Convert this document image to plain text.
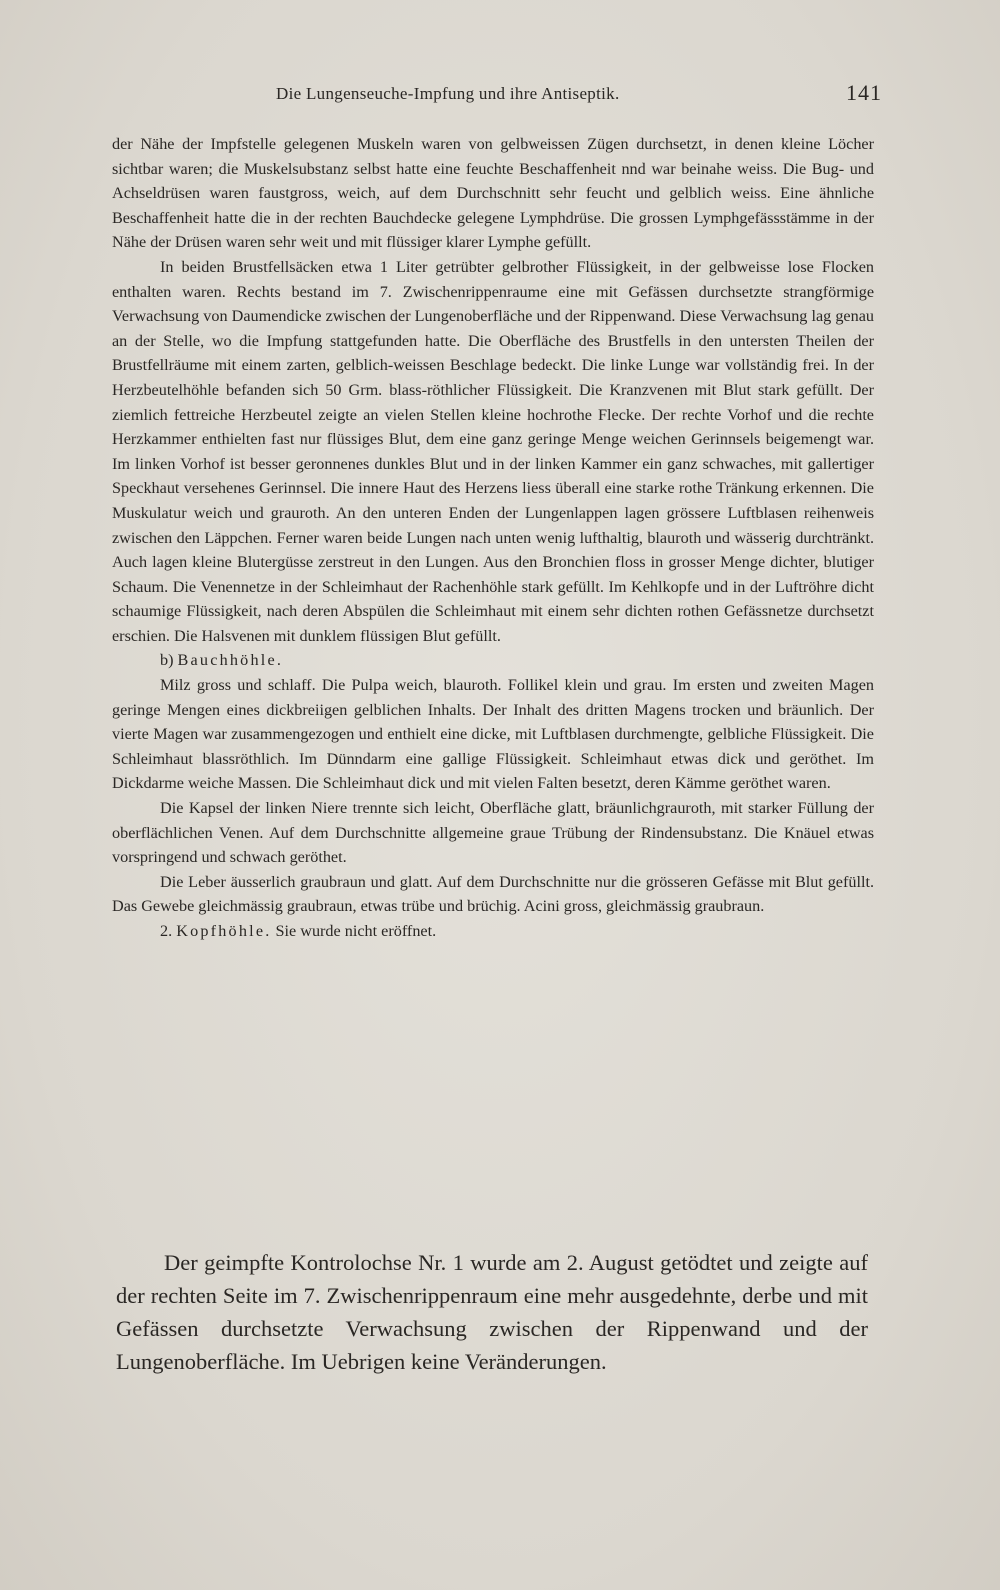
Die Lungenseuche-Impfung und ihre Antiseptik.	141

der Nähe der Impfstelle gelegenen Muskeln waren von gelbweissen Zügen durchsetzt, in denen kleine Löcher sichtbar waren; die Muskelsubstanz selbst hatte eine feuchte Beschaffenheit nnd war beinahe weiss. Die Bug- und Achseldrüsen waren faustgross, weich, auf dem Durchschnitt sehr feucht und gelblich weiss. Eine ähnliche Beschaffenheit hatte die in der rechten Bauchdecke gelegene Lymphdrüse. Die grossen Lymphgefässstämme in der Nähe der Drüsen waren sehr weit und mit flüssiger klarer Lymphe gefüllt.

In beiden Brustfellsäcken etwa 1 Liter getrübter gelbrother Flüssigkeit, in der gelbweisse lose Flocken enthalten waren. Rechts bestand im 7. Zwischenrippenraume eine mit Gefässen durchsetzte strangförmige Verwachsung von Daumendicke zwischen der Lungenoberfläche und der Rippenwand. Diese Verwachsung lag genau an der Stelle, wo die Impfung stattgefunden hatte. Die Oberfläche des Brustfells in den untersten Theilen der Brustfellräume mit einem zarten, gelblich-weissen Beschlage bedeckt. Die linke Lunge war vollständig frei. In der Herzbeutelhöhle befanden sich 50 Grm. blass-röthlicher Flüssigkeit. Die Kranzvenen mit Blut stark gefüllt. Der ziemlich fettreiche Herzbeutel zeigte an vielen Stellen kleine hochrothe Flecke. Der rechte Vorhof und die rechte Herzkammer enthielten fast nur flüssiges Blut, dem eine ganz geringe Menge weichen Gerinnsels beigemengt war. Im linken Vorhof ist besser geronnenes dunkles Blut und in der linken Kammer ein ganz schwaches, mit gallertiger Speckhaut versehenes Gerinnsel. Die innere Haut des Herzens liess überall eine starke rothe Tränkung erkennen. Die Muskulatur weich und grauroth. An den unteren Enden der Lungenlappen lagen grössere Luftblasen reihenweis zwischen den Läppchen. Ferner waren beide Lungen nach unten wenig lufthaltig, blauroth und wässerig durchtränkt. Auch lagen kleine Blutergüsse zerstreut in den Lungen. Aus den Bronchien floss in grosser Menge dichter, blutiger Schaum. Die Venennetze in der Schleimhaut der Rachenhöhle stark gefüllt. Im Kehlkopfe und in der Luftröhre dicht schaumige Flüssigkeit, nach deren Abspülen die Schleimhaut mit einem sehr dichten rothen Gefässnetze durchsetzt erschien. Die Halsvenen mit dunklem flüssigen Blut gefüllt.

b) Bauchhöhle.

Milz gross und schlaff. Die Pulpa weich, blauroth. Follikel klein und grau. Im ersten und zweiten Magen geringe Mengen eines dickbreiigen gelblichen Inhalts. Der Inhalt des dritten Magens trocken und bräunlich. Der vierte Magen war zusammengezogen und enthielt eine dicke, mit Luftblasen durchmengte, gelbliche Flüssigkeit. Die Schleimhaut blassröthlich. Im Dünndarm eine gallige Flüssigkeit. Schleimhaut etwas dick und geröthet. Im Dickdarme weiche Massen. Die Schleimhaut dick und mit vielen Falten besetzt, deren Kämme geröthet waren.

Die Kapsel der linken Niere trennte sich leicht, Oberfläche glatt, bräunlichgrauroth, mit starker Füllung der oberflächlichen Venen. Auf dem Durchschnitte allgemeine graue Trübung der Rindensubstanz. Die Knäuel etwas vorspringend und schwach geröthet.

Die Leber äusserlich graubraun und glatt. Auf dem Durchschnitte nur die grösseren Gefässe mit Blut gefüllt. Das Gewebe gleichmässig graubraun, etwas trübe und brüchig. Acini gross, gleichmässig graubraun.

2. Kopfhöhle. Sie wurde nicht eröffnet.

Der geimpfte Kontrolochse Nr. 1 wurde am 2. August getödtet und zeigte auf der rechten Seite im 7. Zwischenrippenraum eine mehr ausgedehnte, derbe und mit Gefässen durchsetzte Verwachsung zwischen der Rippenwand und der Lungenoberfläche. Im Uebrigen keine Veränderungen.
